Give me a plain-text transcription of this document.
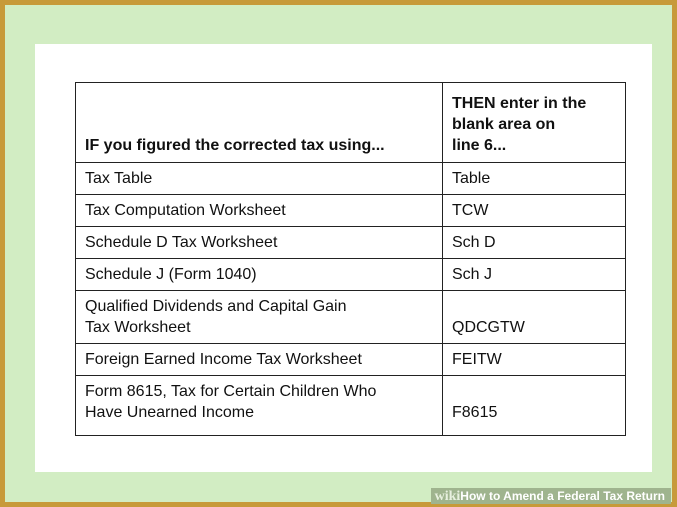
IF you figured the corrected tax using...	THEN enter in the
blank area on
line 6...
Tax Table	Table
Tax Computation Worksheet	TCW
Schedule D Tax Worksheet	Sch D
Schedule J (Form 1040)	Sch J
Qualified Dividends and Capital Gain
Tax Worksheet	QDCGTW
Foreign Earned Income Tax Worksheet	FEITW
Form 8615, Tax for Certain Children Who
Have Unearned Income	F8615
wikiHow to Amend a Federal Tax Return
